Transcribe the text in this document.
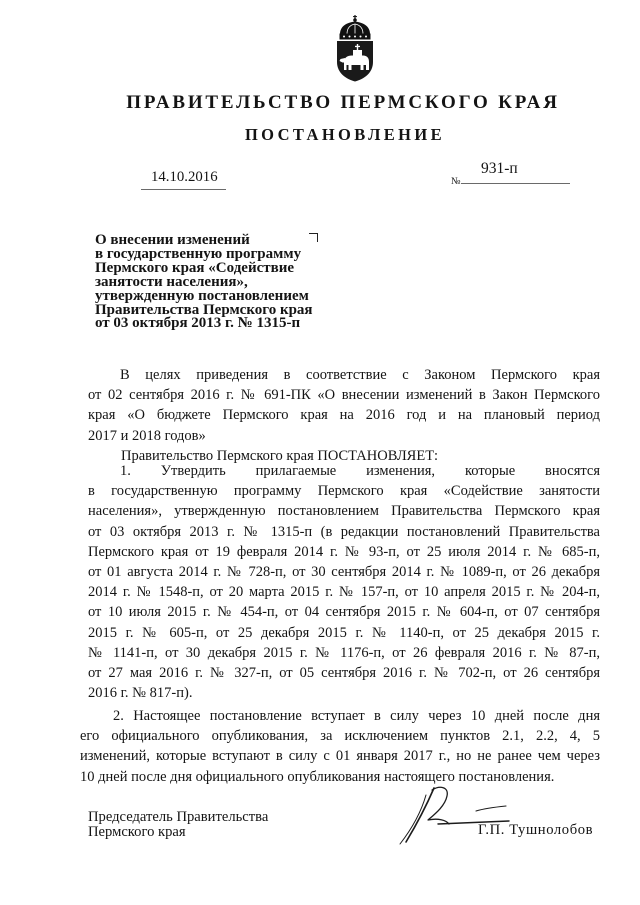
ПРАВИТЕЛЬСТВО ПЕРМСКОГО КРАЯ
ПОСТАНОВЛЕНИЕ
14.10.2016	№
931-п
О внесении изменений
в государственную программу
Пермского края «Содействие
занятости населения»,
утвержденную постановлением
Правительства Пермского края
от 03 октября 2013 г. № 1315-п
В целях приведения в соответствие с Законом Пермского края
от 02 сентября 2016 г. № 691-ПК «О внесении изменений в Закон Пермского
края «О бюджете Пермского края на 2016 год и на плановый период
2017 и 2018 годов»
Правительство Пермского края ПОСТАНОВЛЯЕТ:
1. Утвердить прилагаемые изменения, которые вносятся
в государственную программу Пермского края «Содействие занятости
населения», утвержденную постановлением Правительства Пермского края
от 03 октября 2013 г. № 1315-п (в редакции постановлений Правительства
Пермского края от 19 февраля 2014 г. № 93-п, от 25 июля 2014 г. № 685-п,
от 01 августа 2014 г. № 728-п, от 30 сентября 2014 г. № 1089-п, от 26 декабря
2014 г. № 1548-п, от 20 марта 2015 г. № 157-п, от 10 апреля 2015 г. № 204-п,
от 10 июля 2015 г. № 454-п, от 04 сентября 2015 г. № 604-п, от 07 сентября
2015 г. № 605-п, от 25 декабря 2015 г. № 1140-п, от 25 декабря 2015 г.
№ 1141-п, от 30 декабря 2015 г. № 1176-п, от 26 февраля 2016 г. № 87-п,
от 27 мая 2016 г. № 327-п, от 05 сентября 2016 г. № 702-п, от 26 сентября
2016 г. № 817-п).
2. Настоящее постановление вступает в силу через 10 дней после дня
его официального опубликования, за исключением пунктов 2.1, 2.2, 4, 5
изменений, которые вступают в силу с 01 января 2017 г., но не ранее чем через
10 дней после дня официального опубликования настоящего постановления.
Председатель Правительства
Пермского края	Г.П. Тушнолобов
